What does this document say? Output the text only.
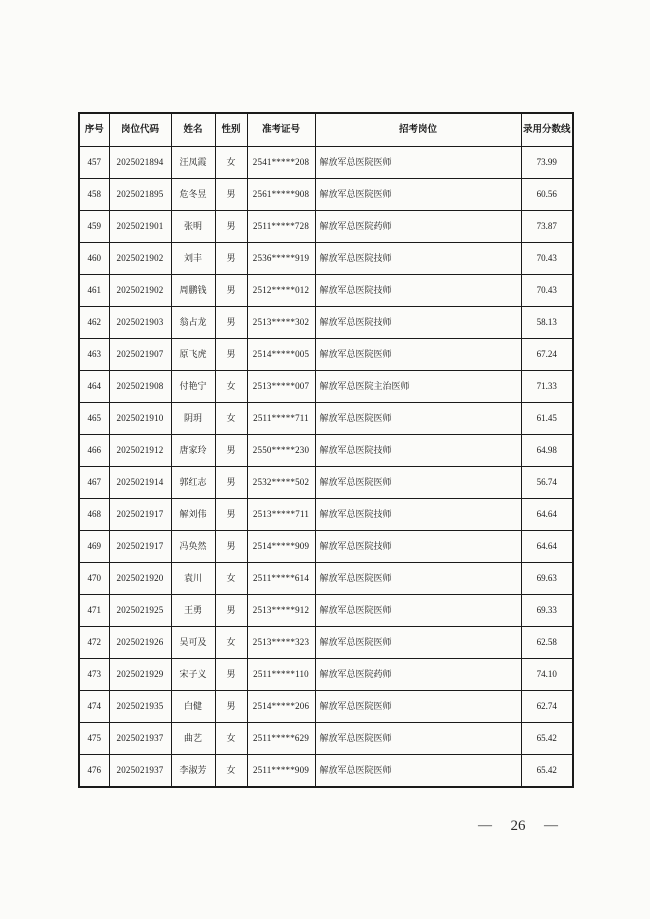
序号	岗位代码	姓名	性别	准考证号	招考岗位	录用分数线
457	2025021894	汪凤霞	女	2541*****208	解放军总医院医师	73.99
458	2025021895	危冬昱	男	2561*****908	解放军总医院医师	60.56
459	2025021901	张明	男	2511*****728	解放军总医院药师	73.87
460	2025021902	刘丰	男	2536*****919	解放军总医院技师	70.43
461	2025021902	周鹏钱	男	2512*****012	解放军总医院技师	70.43
462	2025021903	翁占龙	男	2513*****302	解放军总医院技师	58.13
463	2025021907	原飞虎	男	2514*****005	解放军总医院医师	67.24
464	2025021908	付艳宁	女	2513*****007	解放军总医院主治医师	71.33
465	2025021910	阴玥	女	2511*****711	解放军总医院医师	61.45
466	2025021912	唐家玲	男	2550*****230	解放军总医院技师	64.98
467	2025021914	郭红志	男	2532*****502	解放军总医院医师	56.74
468	2025021917	解刘伟	男	2513*****711	解放军总医院技师	64.64
469	2025021917	冯奂然	男	2514*****909	解放军总医院技师	64.64
470	2025021920	袁川	女	2511*****614	解放军总医院医师	69.63
471	2025021925	王勇	男	2513*****912	解放军总医院医师	69.33
472	2025021926	吴可及	女	2513*****323	解放军总医院医师	62.58
473	2025021929	宋子义	男	2511*****110	解放军总医院药师	74.10
474	2025021935	白健	男	2514*****206	解放军总医院医师	62.74
475	2025021937	曲艺	女	2511*****629	解放军总医院医师	65.42
476	2025021937	李淑芳	女	2511*****909	解放军总医院医师	65.42
— 26 —
